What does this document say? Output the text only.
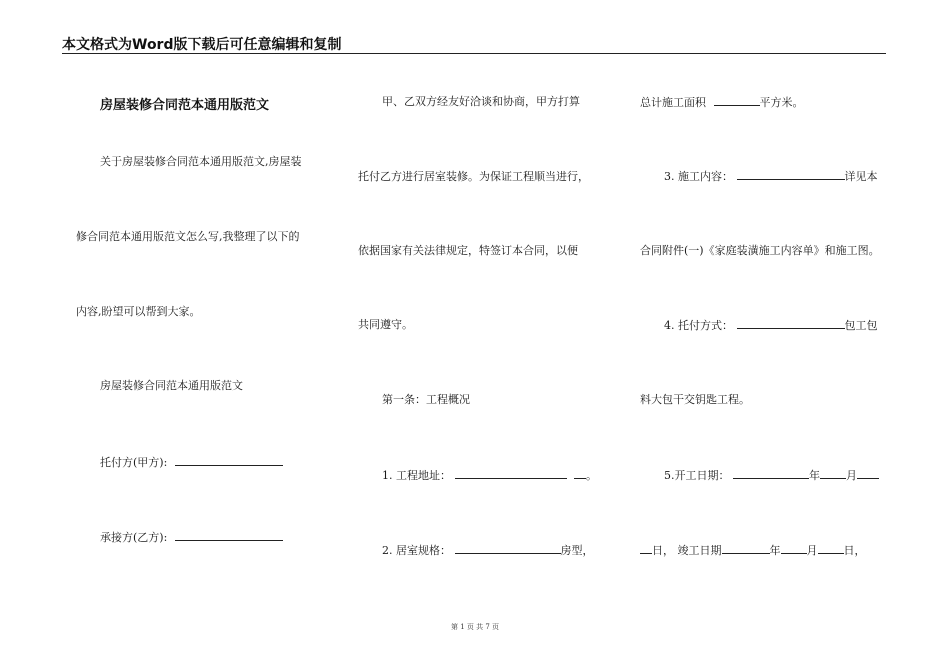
本文格式为Word版下载后可任意编辑和复制
房屋装修合同范本通用版范文
关于房屋装修合同范本通用版范文,房屋装
修合同范本通用版范文怎么写,我整理了以下的
内容,盼望可以帮到大家。
房屋装修合同范本通用版范文
托付方(甲方):
承接方(乙方):
甲、乙双方经友好洽谈和协商，甲方打算
托付乙方进行居室装修。为保证工程顺当进行，
依据国家有关法律规定，特签订本合同，以便
共同遵守。
第一条：工程概况
1. 工程地址：	。
2. 居室规格：	房型，
总计施工面积	平方米。
3. 施工内容：	详见本
合同附件(一)《家庭装潢施工内容单》和施工图。
4. 托付方式：	包工包
料大包干交钥匙工程。
5.开工日期：	年 月
日， 竣工日期	年 月 日，
第 1 页 共 7 页
